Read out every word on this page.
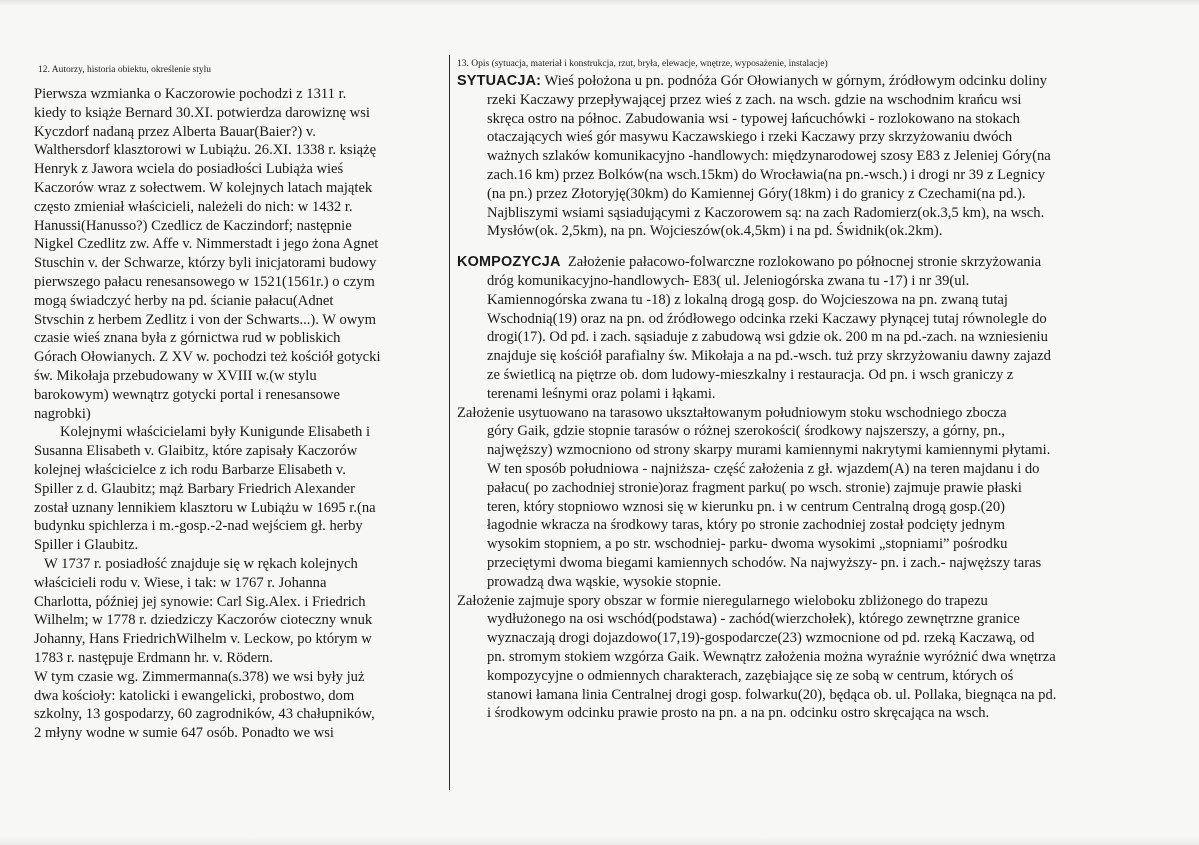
12. Autorzy, historia obiektu, określenie stylu

Pierwsza wzmianka o Kaczorowie pochodzi z 1311 r.

kiedy to książe Bernard 30.XI. potwierdza darowiznę wsi

Kyczdorf nadaną przez Alberta Bauar(Baier?) v.

Walthersdorf klasztorowi w Lubiążu. 26.XI. 1338 r. książę

Henryk z Jawora wciela do posiadłości Lubiąża wieś

Kaczorów wraz z sołectwem. W kolejnych latach majątek

często zmieniał właścicieli, należeli do nich: w 1432 r.

Hanussi(Hanusso?) Czedlicz de Kaczindorf; następnie

Nigkel Czedlitz zw. Affe v. Nimmerstadt i jego żona Agnet

Stuschin v. der Schwarze, którzy byli inicjatorami budowy

pierwszego pałacu renesansowego w 1521(1561r.) o czym

mogą świadczyć herby na pd. ścianie pałacu(Adnet

Stvschin z herbem Zedlitz i von der Schwarts...). W owym

czasie wieś znana była z górnictwa rud w pobliskich

Górach Ołowianych. Z XV w. pochodzi też kościół gotycki

św. Mikołaja przebudowany w XVIII w.(w stylu

barokowym) wewnątrz gotycki portal i renesansowe

nagrobki)

Kolejnymi właścicielami były Kunigunde Elisabeth i

Susanna Elisabeth v. Glaibitz, które zapisały Kaczorów

kolejnej właścicielce z ich rodu Barbarze Elisabeth v.

Spiller z d. Glaubitz; mąż Barbary Friedrich Alexander

został uznany lennikiem klasztoru w Lubiążu w 1695 r.(na

budynku spichlerza i m.-gosp.-2-nad wejściem gł. herby

Spiller i Glaubitz.

W 1737 r. posiadłość znajduje się w rękach kolejnych

właścicieli rodu v. Wiese, i tak: w 1767 r. Johanna

Charlotta, później jej synowie: Carl Sig.Alex. i Friedrich

Wilhelm; w 1778 r. dziedziczy Kaczorów cioteczny wnuk

Johanny, Hans FriedrichWilhelm v. Leckow, po którym w

1783 r. następuje Erdmann hr. v. Rödern.

W tym czasie wg. Zimmermanna(s.378) we wsi były już

dwa kościoły: katolicki i ewangelicki, probostwo, dom

szkolny, 13 gospodarzy, 60 zagrodników, 43 chałupników,

2 młyny wodne w sumie 647 osób. Ponadto we wsi

13. Opis (sytuacja, materiał i konstrukcja, rzut, bryła, elewacje, wnętrze, wyposażenie, instalacje)

SYTUACJA: Wieś położona u pn. podnóża Gór Ołowianych w górnym, źródłowym odcinku doliny

rzeki Kaczawy przepływającej przez wieś z zach. na wsch. gdzie na wschodnim krańcu wsi

skręca ostro na północ. Zabudowania wsi - typowej łańcuchówki - rozlokowano na stokach

otaczających wieś gór masywu Kaczawskiego i rzeki Kaczawy przy skrzyżowaniu dwóch

ważnych szlaków komunikacyjno -handlowych: międzynarodowej szosy E83 z Jeleniej Góry(na

zach.16 km) przez Bolków(na wsch.15km) do Wrocławia(na pn.-wsch.) i drogi nr 39 z Legnicy

(na pn.) przez Złotoryję(30km) do Kamiennej Góry(18km) i do granicy z Czechami(na pd.).

Najbliszymi wsiami sąsiadującymi z Kaczorowem są: na zach Radomierz(ok.3,5 km), na wsch.

Mysłów(ok. 2,5km), na pn. Wojcieszów(ok.4,5km) i na pd. Świdnik(ok.2km).

KOMPOZYCJA Założenie pałacowo-folwarczne rozlokowano po północnej stronie skrzyżowania

dróg komunikacyjno-handlowych- E83( ul. Jeleniogórska zwana tu -17) i nr 39(ul.

Kamiennogórska zwana tu -18) z lokalną drogą gosp. do Wojcieszowa na pn. zwaną tutaj

Wschodnią(19) oraz na pn. od źródłowego odcinka rzeki Kaczawy płynącej tutaj równolegle do

drogi(17). Od pd. i zach. sąsiaduje z zabudową wsi gdzie ok. 200 m na pd.-zach. na wzniesieniu

znajduje się kościół parafialny św. Mikołaja a na pd.-wsch. tuż przy skrzyżowaniu dawny zajazd

ze świetlicą na piętrze ob. dom ludowy-mieszkalny i restauracja. Od pn. i wsch graniczy z

terenami leśnymi oraz polami i łąkami.

Założenie usytuowano na tarasowo ukształtowanym południowym stoku wschodniego zbocza

góry Gaik, gdzie stopnie tarasów o różnej szerokości( środkowy najszerszy, a górny, pn.,

najwęższy) wzmocniono od strony skarpy murami kamiennymi nakrytymi kamiennymi płytami.

W ten sposób południowa - najniższa- część założenia z gł. wjazdem(A) na teren majdanu i do

pałacu( po zachodniej stronie)oraz fragment parku( po wsch. stronie) zajmuje prawie płaski

teren, który stopniowo wznosi się w kierunku pn. i w centrum Centralną drogą gosp.(20)

łagodnie wkracza na środkowy taras, który po stronie zachodniej został podcięty jednym

wysokim stopniem, a po str. wschodniej- parku- dwoma wysokimi „stopniami” pośrodku

przeciętymi dwoma biegami kamiennych schodów. Na najwyższy- pn. i zach.- najwęższy taras

prowadzą dwa wąskie, wysokie stopnie.

Założenie zajmuje spory obszar w formie nieregularnego wieloboku zbliżonego do trapezu

wydłużonego na osi wschód(podstawa) - zachód(wierzchołek), którego zewnętrzne granice

wyznaczają drogi dojazdowo(17,19)-gospodarcze(23) wzmocnione od pd. rzeką Kaczawą, od

pn. stromym stokiem wzgórza Gaik. Wewnątrz założenia można wyraźnie wyróżnić dwa wnętrza

kompozycyjne o odmiennych charakterach, zazębiające się ze sobą w centrum, których oś

stanowi łamana linia Centralnej drogi gosp. folwarku(20), będąca ob. ul. Pollaka, biegnąca na pd.

i środkowym odcinku prawie prosto na pn. a na pn. odcinku ostro skręcająca na wsch.
